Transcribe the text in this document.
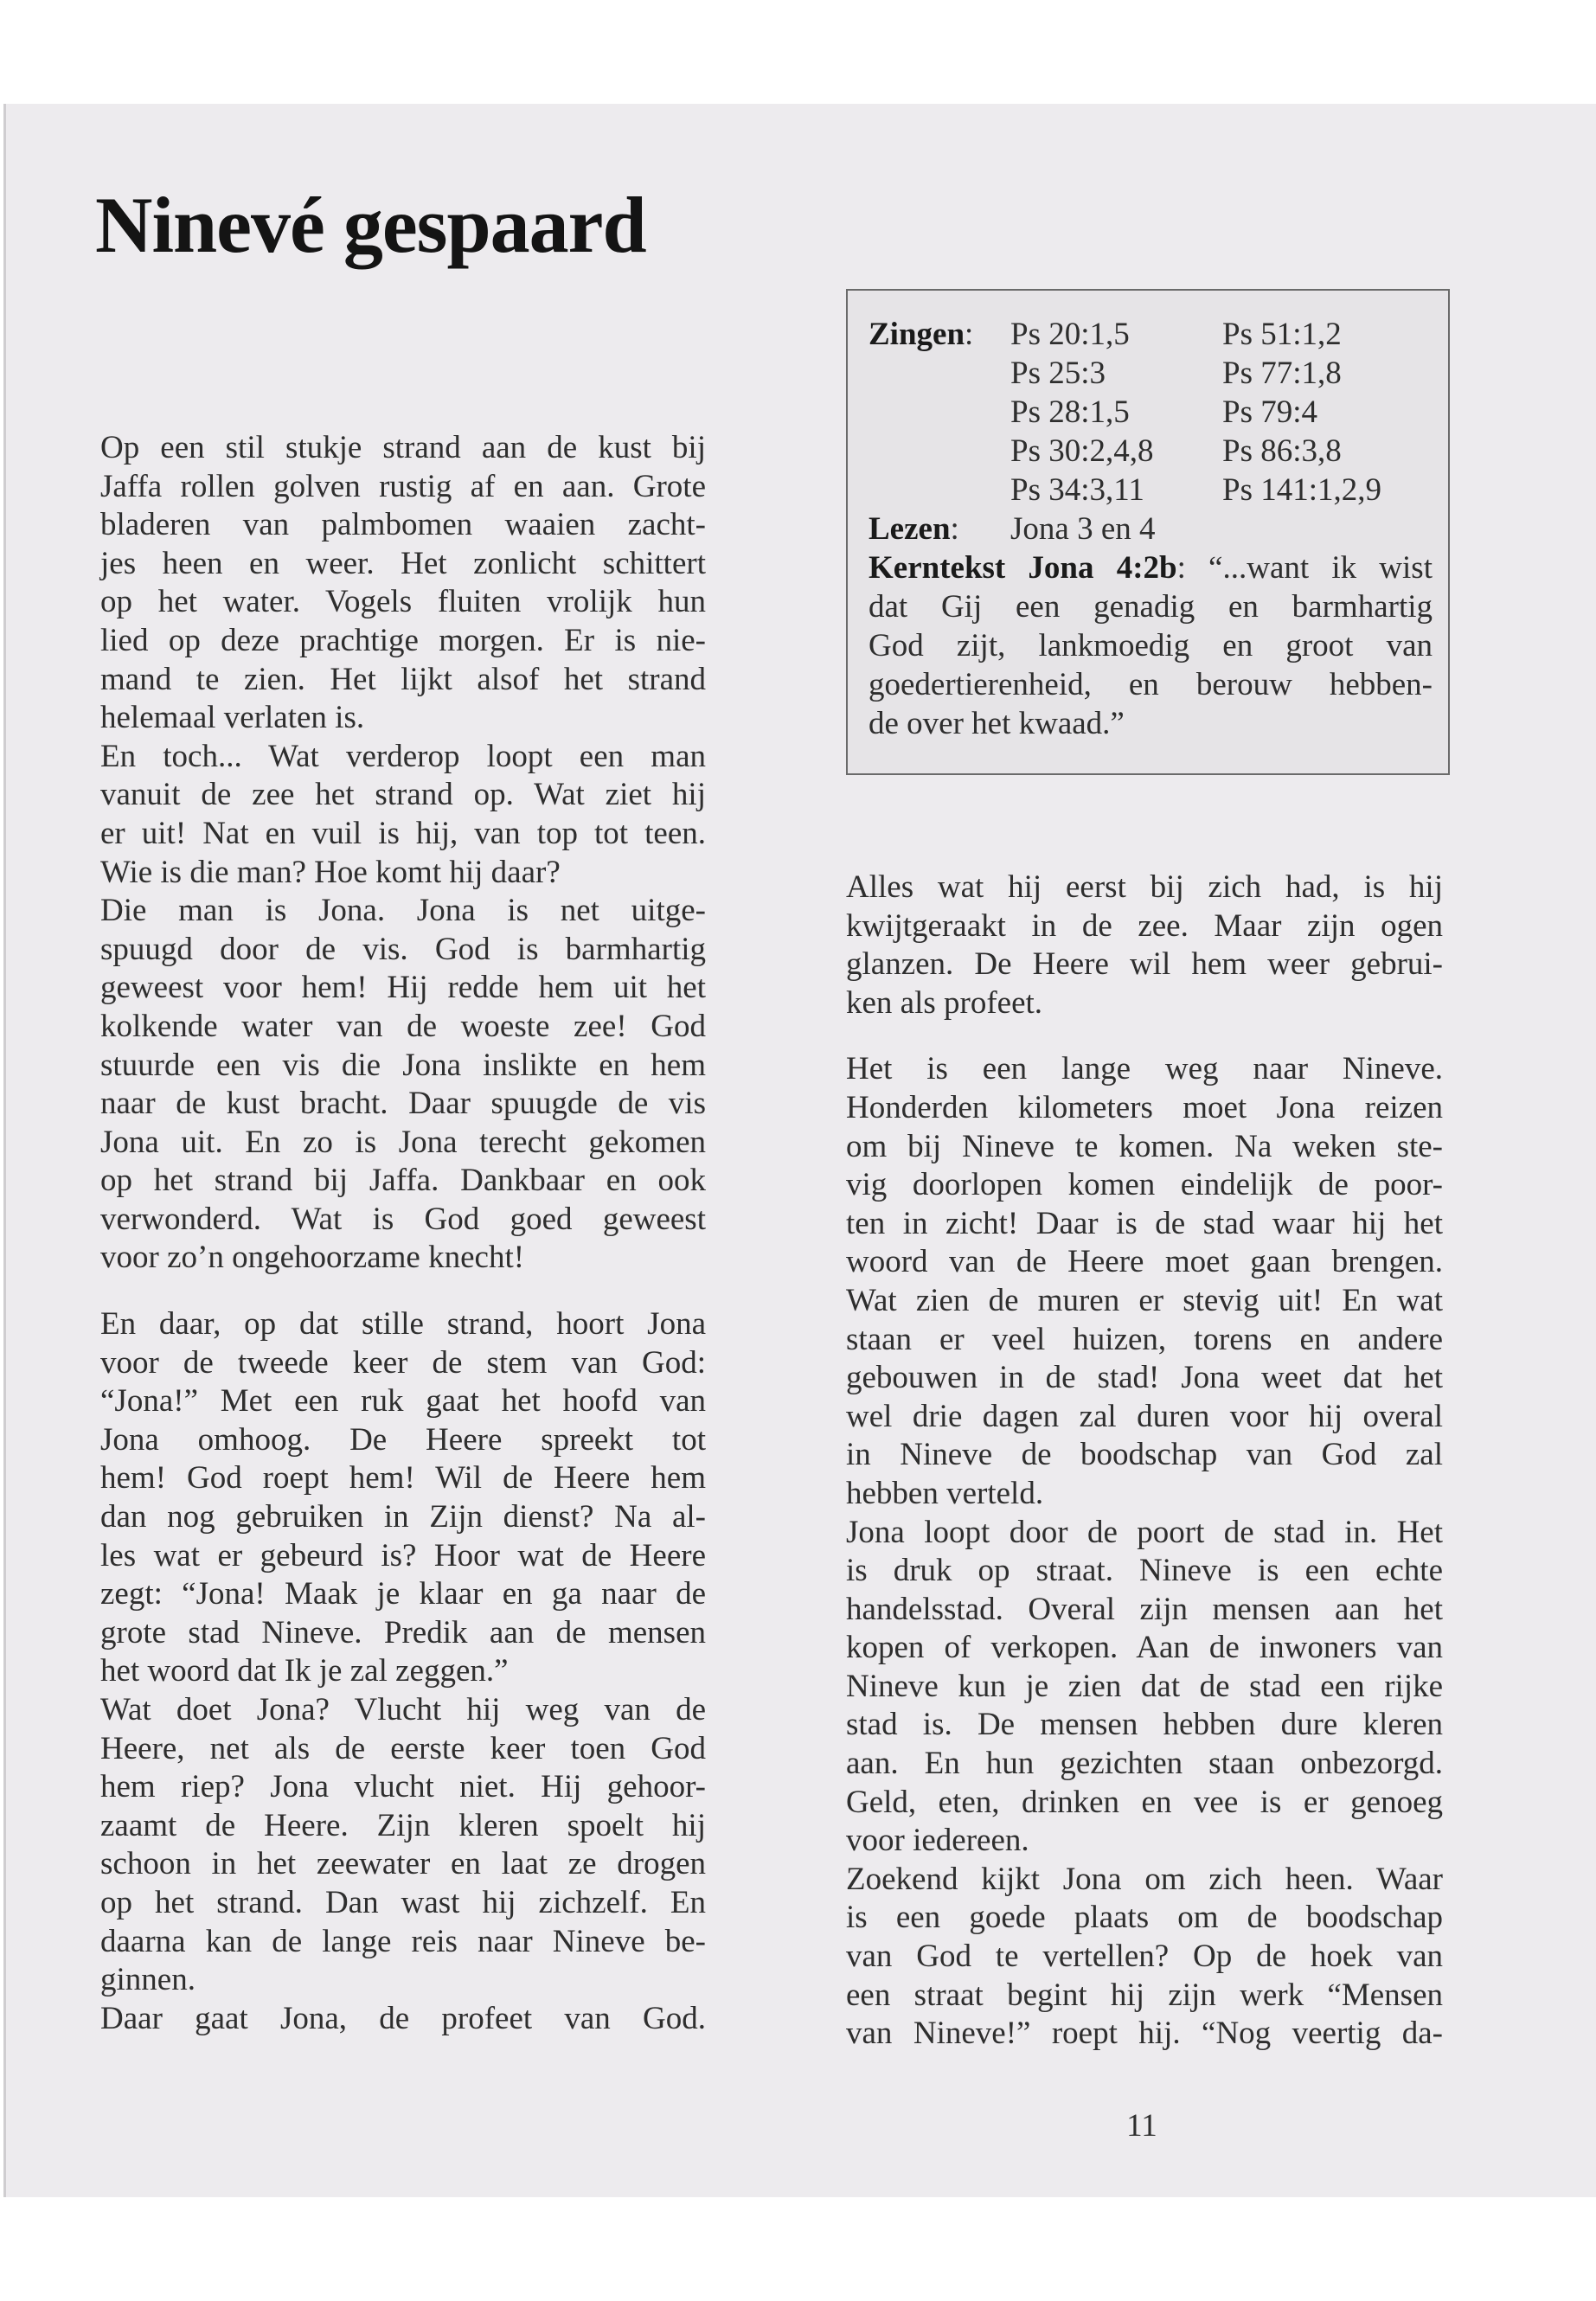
Ninevé gespaard
Zingen:	Ps 20:1,5	Ps 51:1,2
Ps 25:3	Ps 77:1,8
Ps 28:1,5	Ps 79:4
Ps 30:2,4,8	Ps 86:3,8
Ps 34:3,11	Ps 141:1,2,9
Lezen:	Jona 3 en 4
Kerntekst Jona 4:2b: “...want ik wist
dat Gij een genadig en barmhartig
God zijt, lankmoedig en groot van
goedertierenheid, en berouw hebben-
de over het kwaad.”

Op een stil stukje strand aan de kust bij

Jaffa rollen golven rustig af en aan. Grote

bladeren van palmbomen waaien zacht-

jes heen en weer. Het zonlicht schittert

op het water. Vogels fluiten vrolijk hun

lied op deze prachtige morgen. Er is nie-

mand te zien. Het lijkt alsof het strand

helemaal verlaten is.

En toch... Wat verderop loopt een man

vanuit de zee het strand op. Wat ziet hij

er uit! Nat en vuil is hij, van top tot teen.

Wie is die man? Hoe komt hij daar?

Die man is Jona. Jona is net uitge-

spuugd door de vis. God is barmhartig

geweest voor hem! Hij redde hem uit het

kolkende water van de woeste zee! God

stuurde een vis die Jona inslikte en hem

naar de kust bracht. Daar spuugde de vis

Jona uit. En zo is Jona terecht gekomen

op het strand bij Jaffa. Dankbaar en ook

verwonderd. Wat is God goed geweest

voor zo’n ongehoorzame knecht!

En daar, op dat stille strand, hoort Jona

voor de tweede keer de stem van God:

“Jona!” Met een ruk gaat het hoofd van

Jona omhoog. De Heere spreekt tot

hem! God roept hem! Wil de Heere hem

dan nog gebruiken in Zijn dienst? Na al-

les wat er gebeurd is? Hoor wat de Heere

zegt: “Jona! Maak je klaar en ga naar de

grote stad Nineve. Predik aan de mensen

het woord dat Ik je zal zeggen.”

Wat doet Jona? Vlucht hij weg van de

Heere, net als de eerste keer toen God

hem riep? Jona vlucht niet. Hij gehoor-

zaamt de Heere. Zijn kleren spoelt hij

schoon in het zeewater en laat ze drogen

op het strand. Dan wast hij zichzelf. En

daarna kan de lange reis naar Nineve be-

ginnen.

Daar gaat Jona, de profeet van God.

Alles wat hij eerst bij zich had, is hij

kwijtgeraakt in de zee. Maar zijn ogen

glanzen. De Heere wil hem weer gebrui-

ken als profeet.

Het is een lange weg naar Nineve.

Honderden kilometers moet Jona reizen

om bij Nineve te komen. Na weken ste-

vig doorlopen komen eindelijk de poor-

ten in zicht! Daar is de stad waar hij het

woord van de Heere moet gaan brengen.

Wat zien de muren er stevig uit! En wat

staan er veel huizen, torens en andere

gebouwen in de stad! Jona weet dat het

wel drie dagen zal duren voor hij overal

in Nineve de boodschap van God zal

hebben verteld.

Jona loopt door de poort de stad in. Het

is druk op straat. Nineve is een echte

handelsstad. Overal zijn mensen aan het

kopen of verkopen. Aan de inwoners van

Nineve kun je zien dat de stad een rijke

stad is. De mensen hebben dure kleren

aan. En hun gezichten staan onbezorgd.

Geld, eten, drinken en vee is er genoeg

voor iedereen.

Zoekend kijkt Jona om zich heen. Waar

is een goede plaats om de boodschap

van God te vertellen? Op de hoek van

een straat begint hij zijn werk “Mensen

van Nineve!” roept hij. “Nog veertig da-

11
